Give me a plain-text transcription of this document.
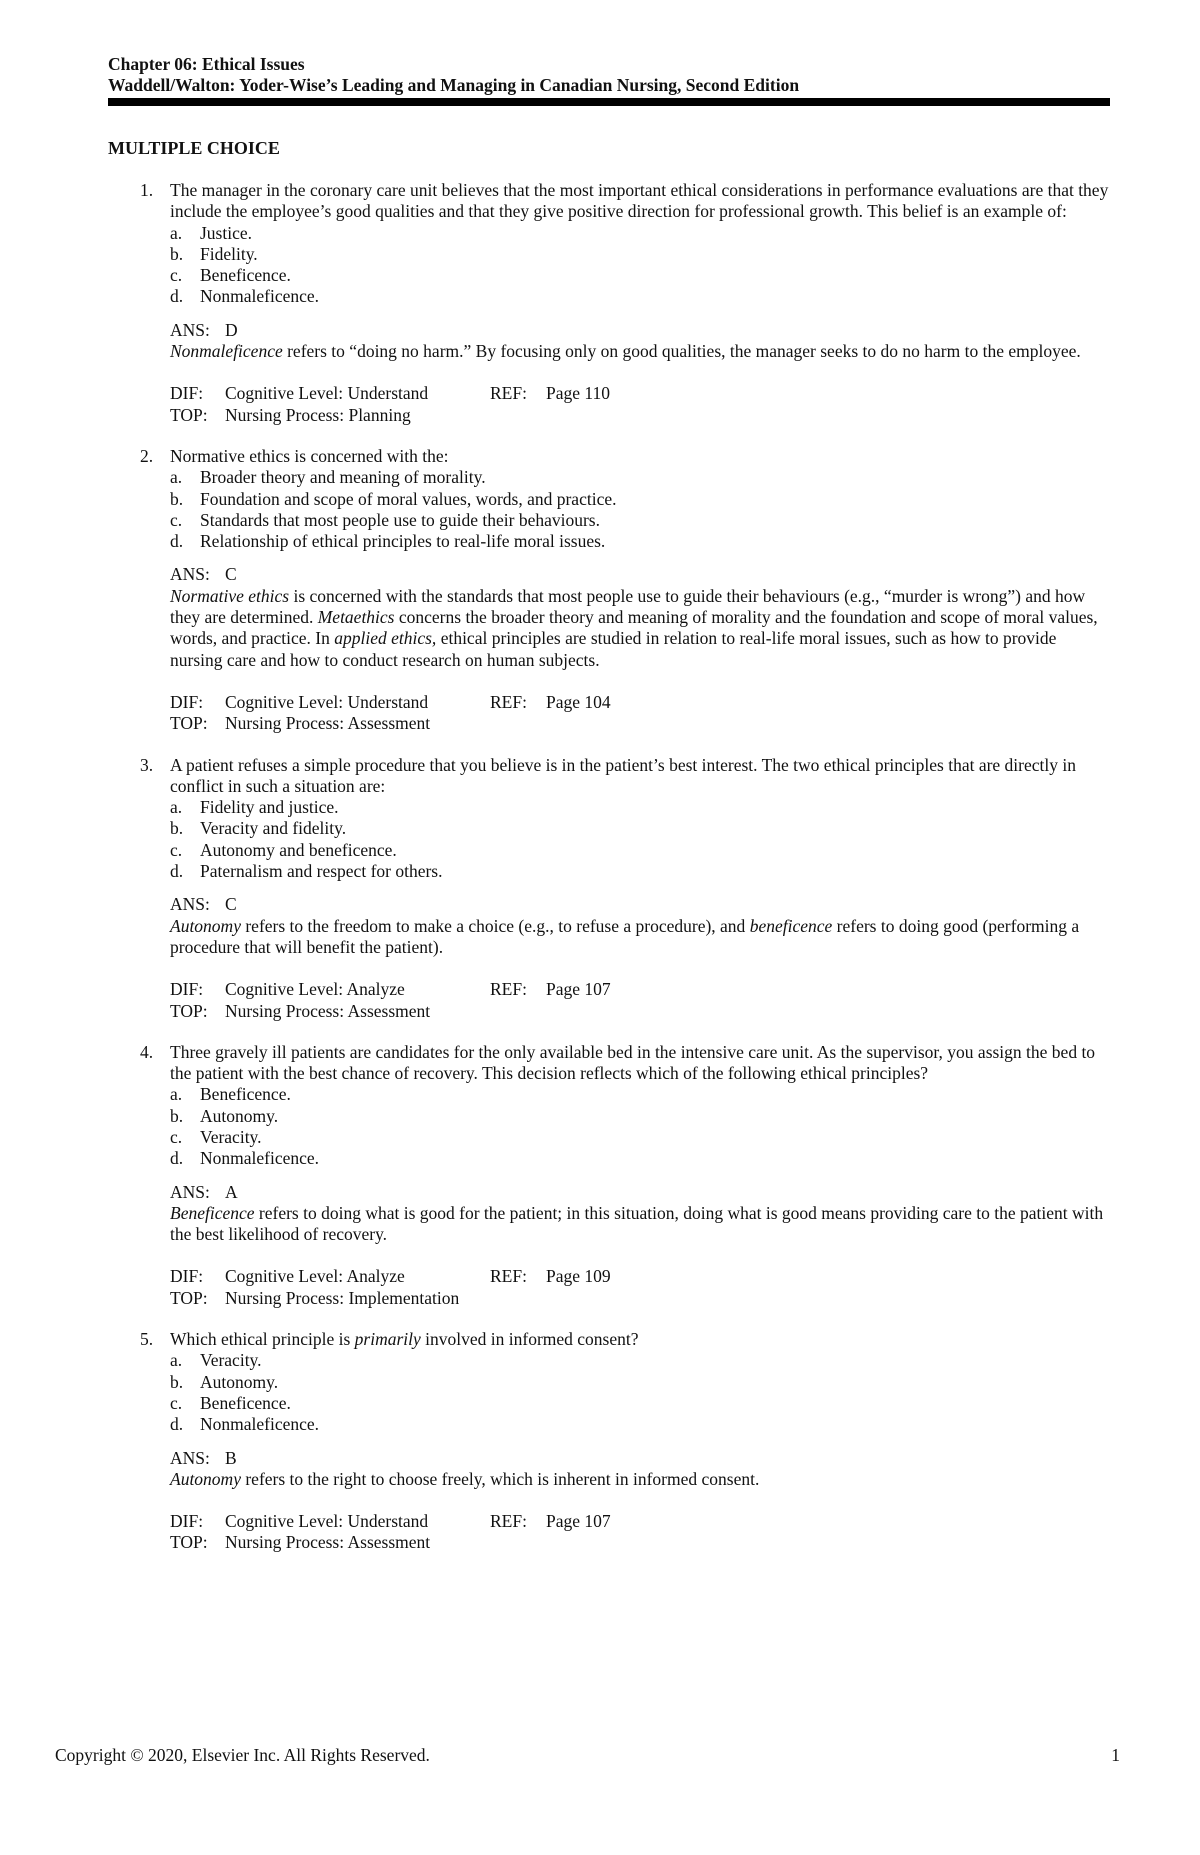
Chapter 06: Ethical Issues
Waddell/Walton: Yoder-Wise’s Leading and Managing in Canadian Nursing, Second Edition
MULTIPLE CHOICE
1. The manager in the coronary care unit believes that the most important ethical considerations in performance evaluations are that they include the employee’s good qualities and that they give positive direction for professional growth. This belief is an example of:
a. Justice.
b. Fidelity.
c. Beneficence.
d. Nonmaleficence.
ANS: D
Nonmaleficence refers to “doing no harm.” By focusing only on good qualities, the manager seeks to do no harm to the employee.
DIF: Cognitive Level: Understand	REF: Page 110
TOP: Nursing Process: Planning
2. Normative ethics is concerned with the:
a. Broader theory and meaning of morality.
b. Foundation and scope of moral values, words, and practice.
c. Standards that most people use to guide their behaviours.
d. Relationship of ethical principles to real-life moral issues.
ANS: C
Normative ethics is concerned with the standards that most people use to guide their behaviours (e.g., “murder is wrong”) and how they are determined. Metaethics concerns the broader theory and meaning of morality and the foundation and scope of moral values, words, and practice. In applied ethics, ethical principles are studied in relation to real-life moral issues, such as how to provide nursing care and how to conduct research on human subjects.
DIF: Cognitive Level: Understand	REF: Page 104
TOP: Nursing Process: Assessment
3. A patient refuses a simple procedure that you believe is in the patient’s best interest. The two ethical principles that are directly in conflict in such a situation are:
a. Fidelity and justice.
b. Veracity and fidelity.
c. Autonomy and beneficence.
d. Paternalism and respect for others.
ANS: C
Autonomy refers to the freedom to make a choice (e.g., to refuse a procedure), and beneficence refers to doing good (performing a procedure that will benefit the patient).
DIF: Cognitive Level: Analyze	REF: Page 107
TOP: Nursing Process: Assessment
4. Three gravely ill patients are candidates for the only available bed in the intensive care unit. As the supervisor, you assign the bed to the patient with the best chance of recovery. This decision reflects which of the following ethical principles?
a. Beneficence.
b. Autonomy.
c. Veracity.
d. Nonmaleficence.
ANS: A
Beneficence refers to doing what is good for the patient; in this situation, doing what is good means providing care to the patient with the best likelihood of recovery.
DIF: Cognitive Level: Analyze	REF: Page 109
TOP: Nursing Process: Implementation
5. Which ethical principle is primarily involved in informed consent?
a. Veracity.
b. Autonomy.
c. Beneficence.
d. Nonmaleficence.
ANS: B
Autonomy refers to the right to choose freely, which is inherent in informed consent.
DIF: Cognitive Level: Understand	REF: Page 107
TOP: Nursing Process: Assessment
Copyright © 2020, Elsevier Inc. All Rights Reserved.	1
